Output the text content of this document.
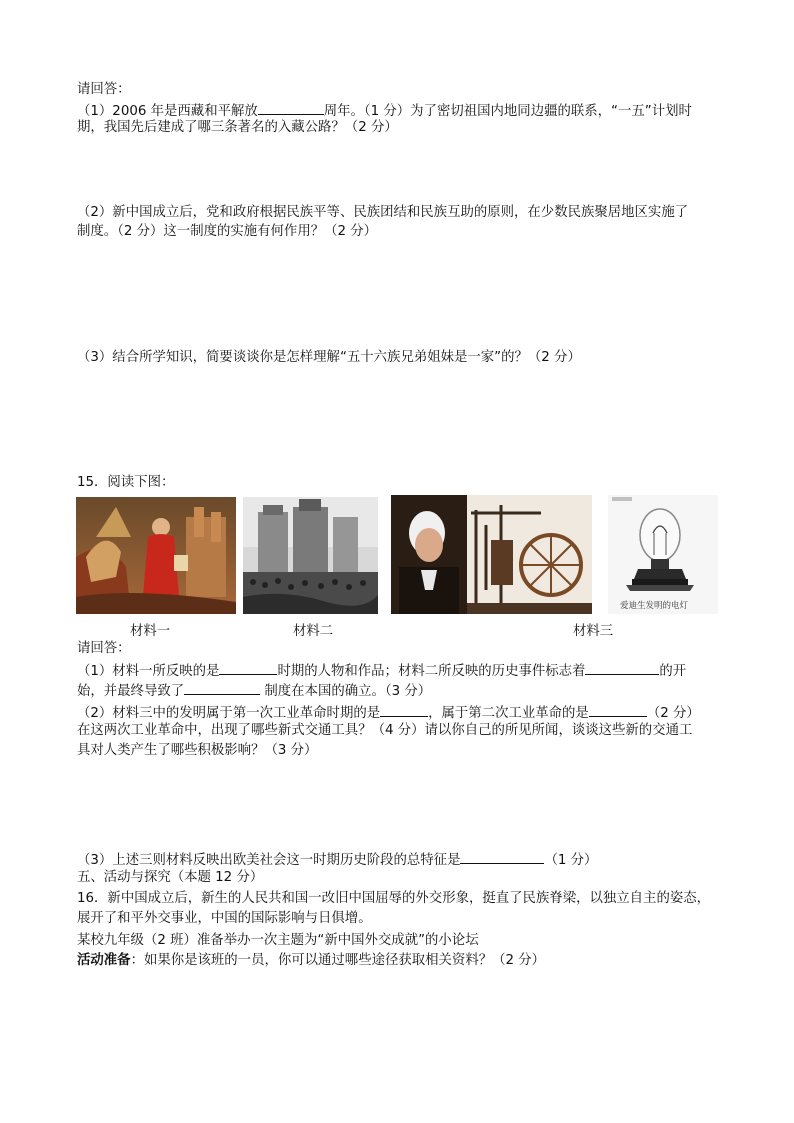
请回答：
（1）2006 年是西藏和平解放	周年。（1 分）为了密切祖国内地同边疆的联系，“一五”计划时
期，我国先后建成了哪三条著名的入藏公路？（2 分）
（2）新中国成立后，党和政府根据民族平等、民族团结和民族互助的原则，在少数民族聚居地区实施了
制度。（2 分）这一制度的实施有何作用？（2 分）
（3）结合所学知识，简要谈谈你是怎样理解“五十六族兄弟姐妹是一家”的？（2 分）
15．阅读下图：
爱迪生发明的电灯
材料一	材料二	材料三
请回答：
（1）材料一所反映的是	时期的人物和作品；材料二所反映的历史事件标志着	的开
始，并最终导致了	制度在本国的确立。（3 分）
（2）材料三中的发明属于第一次工业革命时期的是	，属于第二次工业革命的是	（2 分）
在这两次工业革命中，出现了哪些新式交通工具？（4 分）请以你自己的所见所闻，谈谈这些新的交通工
具对人类产生了哪些积极影响？（3 分）
（3）上述三则材料反映出欧美社会这一时期历史阶段的总特征是	（1 分）
五、活动与探究（本题 12 分）
16．新中国成立后，新生的人民共和国一改旧中国屈辱的外交形象，挺直了民族脊梁，以独立自主的姿态，
展开了和平外交事业，中国的国际影响与日俱增。
某校九年级（2 班）准备举办一次主题为“新中国外交成就”的小论坛
活动准备：如果你是该班的一员，你可以通过哪些途径获取相关资料？（2 分）
